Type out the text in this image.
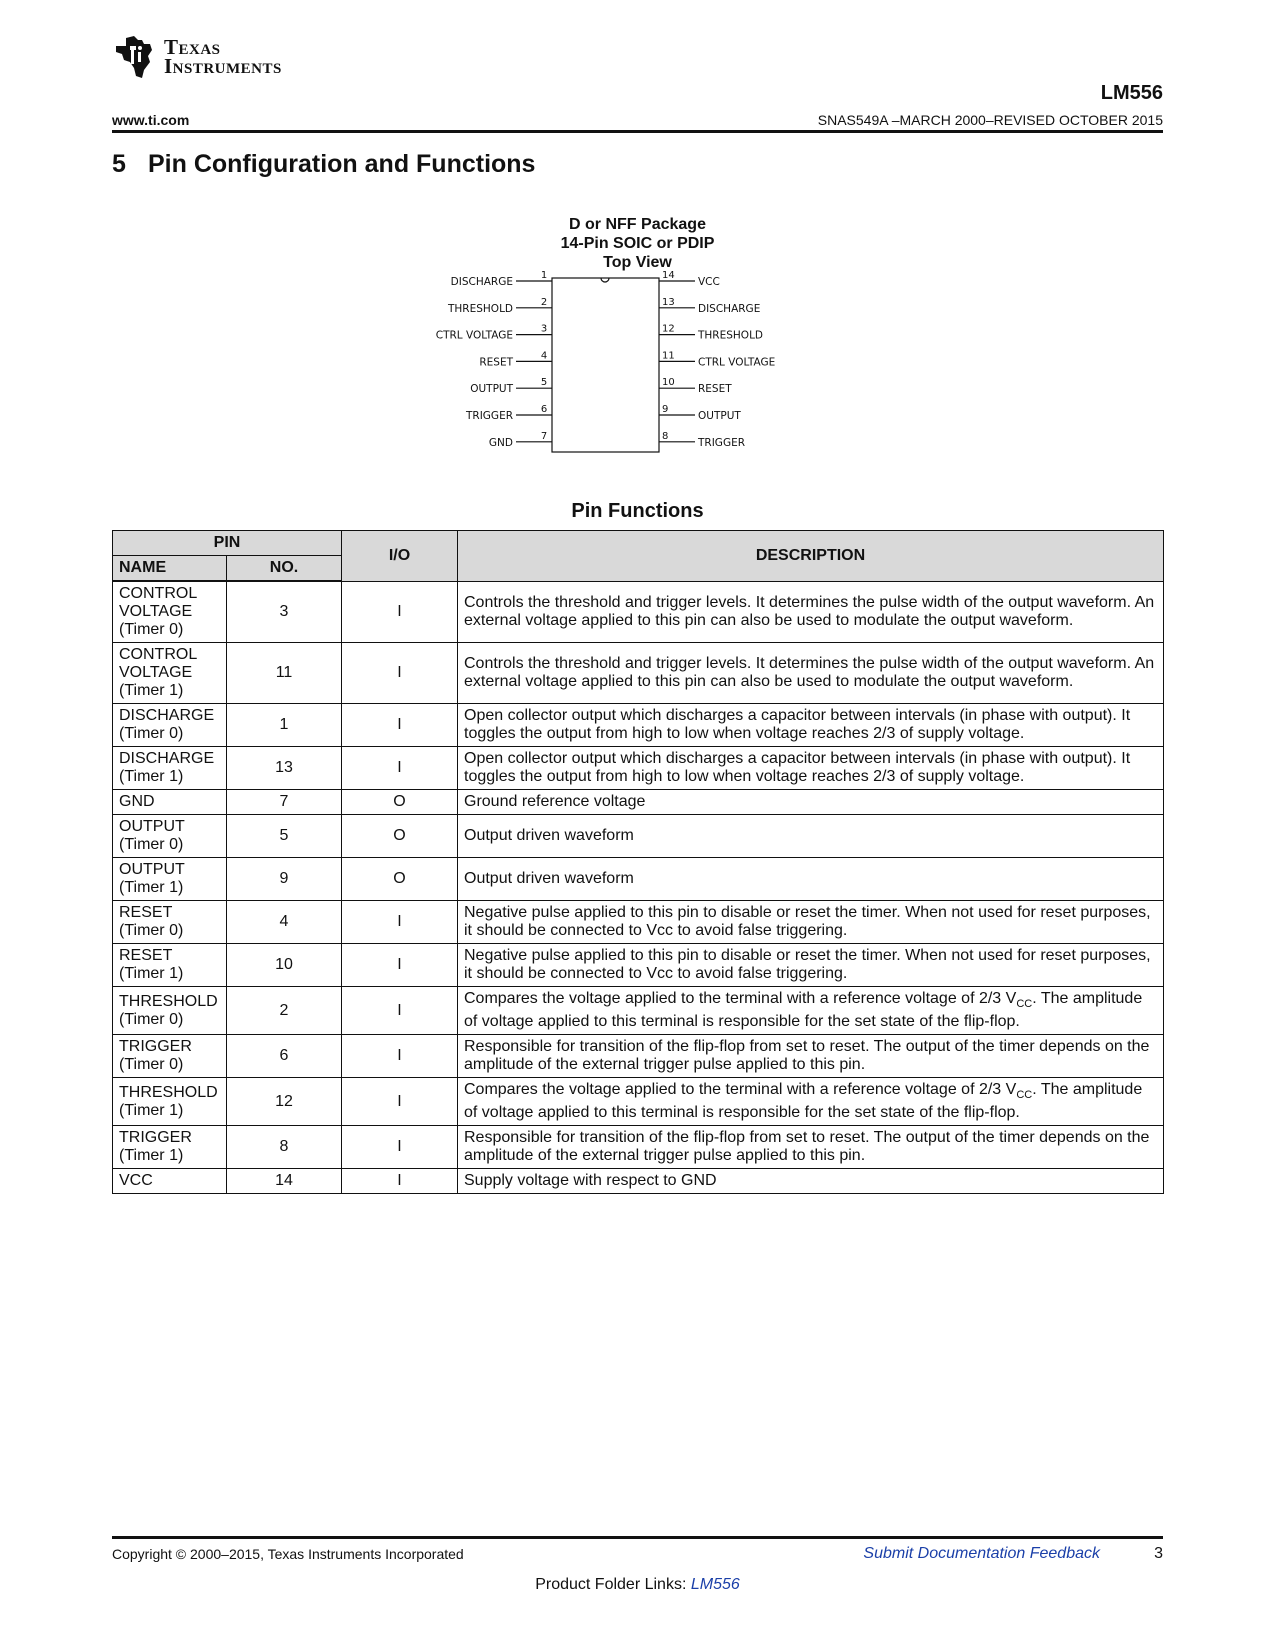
Texas
Instruments
LM556
www.ti.com	SNAS549A –MARCH 2000–REVISED OCTOBER 2015
5 Pin Configuration and Functions
D or NFF Package
14-Pin SOIC or PDIP
Top View
1
DISCHARGE
2
THRESHOLD
3
CTRL VOLTAGE
4
RESET
5
OUTPUT
6
TRIGGER
7
GND
14
VCC
13
DISCHARGE
12
THRESHOLD
11
CTRL VOLTAGE
10
RESET
9
OUTPUT
8
TRIGGER
Pin Functions
PIN		I/O	DESCRIPTION
NAME	NO.		

CONTROL
VOLTAGE
(Timer 0)	3	I	Controls the threshold and trigger levels. It determines the pulse width of the output waveform. An external voltage applied to this pin can also be used to modulate the output waveform.

CONTROL
VOLTAGE
(Timer 1)	11	I	Controls the threshold and trigger levels. It determines the pulse width of the output waveform. An external voltage applied to this pin can also be used to modulate the output waveform.

DISCHARGE
(Timer 0)	1	I	Open collector output which discharges a capacitor between intervals (in phase with output). It toggles the output from high to low when voltage reaches 2/3 of supply voltage.

DISCHARGE
(Timer 1)	13	I	Open collector output which discharges a capacitor between intervals (in phase with output). It toggles the output from high to low when voltage reaches 2/3 of supply voltage.

GND	7	O	Ground reference voltage

OUTPUT
(Timer 0)	5	O	Output driven waveform

OUTPUT
(Timer 1)	9	O	Output driven waveform

RESET
(Timer 0)	4	I	Negative pulse applied to this pin to disable or reset the timer. When not used for reset purposes, it should be connected to Vcc to avoid false triggering.

RESET
(Timer 1)	10	I	Negative pulse applied to this pin to disable or reset the timer. When not used for reset purposes, it should be connected to Vcc to avoid false triggering.

THRESHOLD
(Timer 0)	2	I	Compares the voltage applied to the terminal with a reference voltage of 2/3 $V_{CC}$. The amplitude of voltage applied to this terminal is responsible for the set state of the flip-flop.

TRIGGER
(Timer 0)	6	I	Responsible for transition of the flip-flop from set to reset. The output of the timer depends on the amplitude of the external trigger pulse applied to this pin.

THRESHOLD
(Timer 1)	12	I	Compares the voltage applied to the terminal with a reference voltage of 2/3 $V_{CC}$. The amplitude of voltage applied to this terminal is responsible for the set state of the flip-flop.

TRIGGER
(Timer 1)	8	I	Responsible for transition of the flip-flop from set to reset. The output of the timer depends on the amplitude of the external trigger pulse applied to this pin.

VCC	14	I	Supply voltage with respect to GND
Copyright © 2000–2015, Texas Instruments Incorporated	Submit Documentation Feedback	3
Product Folder Links: LM556
